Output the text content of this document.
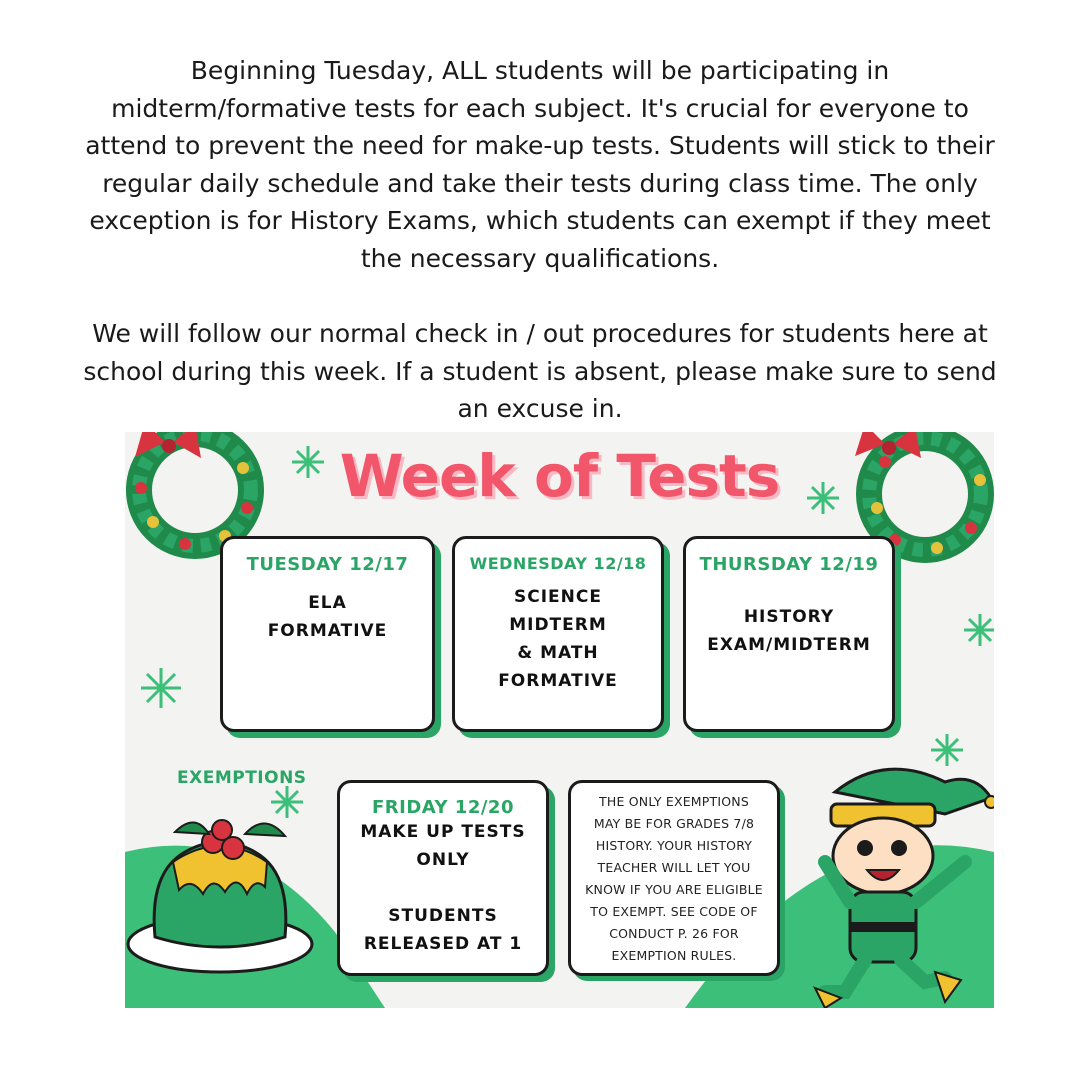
Beginning Tuesday, ALL students will be participating in midterm/formative tests for each subject. It's crucial for everyone to attend to prevent the need for make-up tests. Students will stick to their regular daily schedule and take their tests during class time. The only exception is for History Exams, which students can exempt if they meet the necessary qualifications.

We will follow our normal check in / out procedures for students here at school during this week. If a student is absent, please make sure to send an excuse in.

Week of Tests
TUESDAY 12/17
ELA
FORMATIVE
WEDNESDAY 12/18
SCIENCE
MIDTERM
& MATH
FORMATIVE
THURSDAY 12/19
HISTORY
EXAM/MIDTERM
EXEMPTIONS
FRIDAY 12/20
MAKE UP TESTS
ONLY
STUDENTS
RELEASED AT 1
THE ONLY EXEMPTIONS
MAY BE FOR GRADES 7/8
HISTORY. YOUR HISTORY
TEACHER WILL LET YOU
KNOW IF YOU ARE ELIGIBLE
TO EXEMPT. SEE CODE OF
CONDUCT P. 26 FOR
EXEMPTION RULES.
